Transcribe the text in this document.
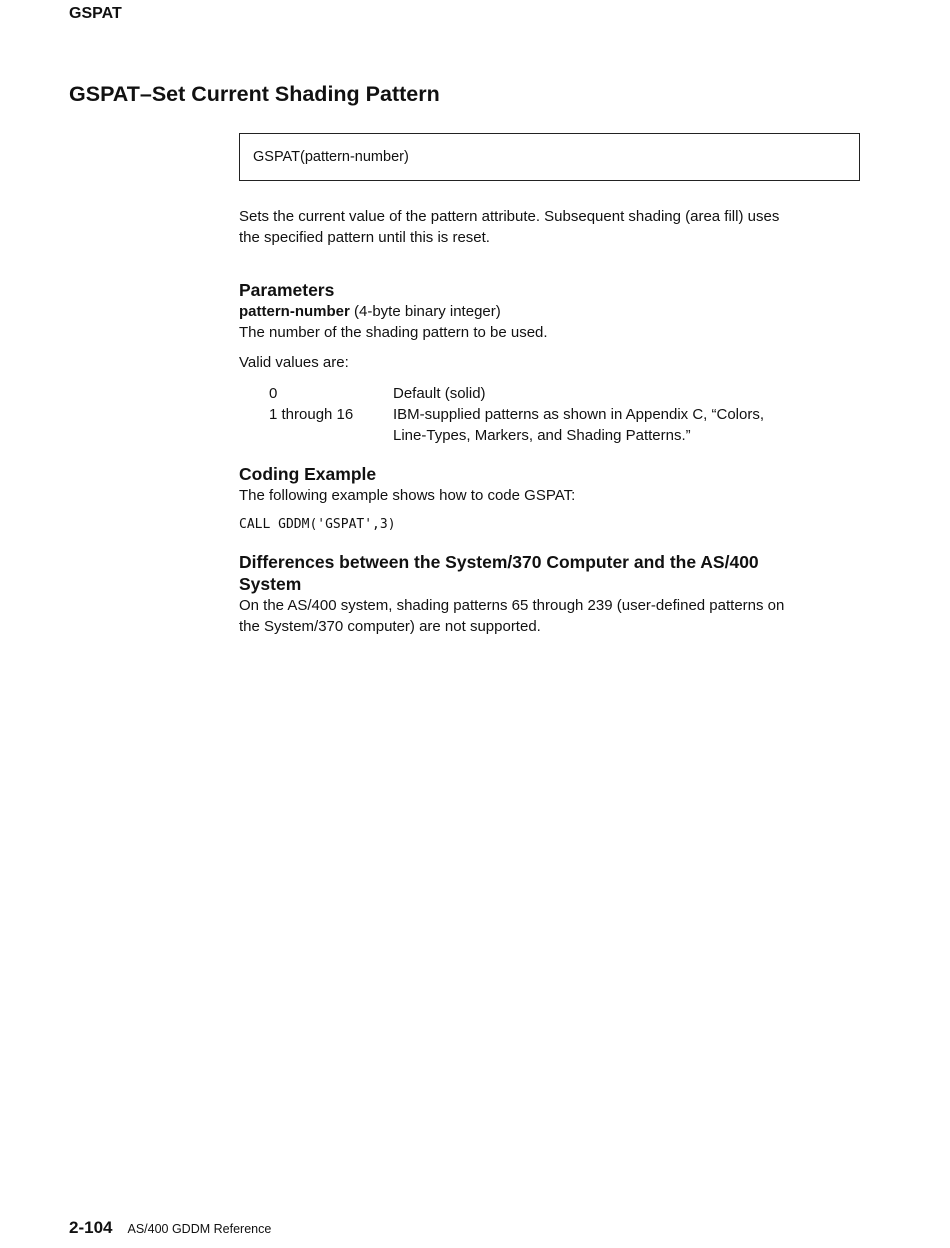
GSPAT
GSPAT–Set Current Shading Pattern
GSPAT(pattern-number)

Sets the current value of the pattern attribute. Subsequent shading (area fill) uses

the specified pattern until this is reset.

Parameters

pattern-number (4-byte binary integer)

The number of the shading pattern to be used.

Valid values are:

0	Default (solid)
1 through 16	IBM-supplied patterns as shown in Appendix C, “Colors,
Line-Types, Markers, and Shading Patterns.”
Coding Example

The following example shows how to code GSPAT:

CALL GDDM('GSPAT',3)

Differences between the System/370 Computer and the AS/400
System

On the AS/400 system, shading patterns 65 through 239 (user-defined patterns on

the System/370 computer) are not supported.

2-104 AS/400 GDDM Reference
